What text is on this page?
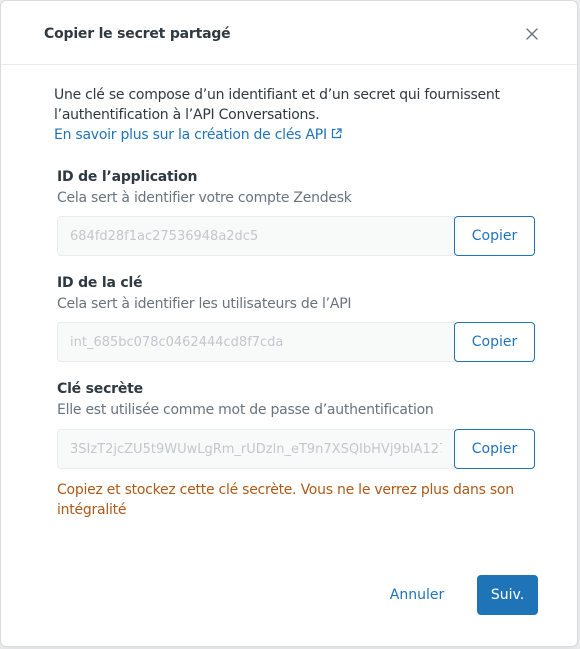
Copier le secret partagé
Une clé se compose d’un identifiant et d’un secret qui fournissent l’authentification à l’API Conversations.
En savoir plus sur la création de clés API
ID de l’application
Cela sert à identifier votre compte Zendesk
684fd28f1ac27536948a2dc5
Copier
ID de la clé
Cela sert à identifier les utilisateurs de l’API
int_685bc078c0462444cd8f7cda
Copier
Clé secrète
Elle est utilisée comme mot de passe d’authentification
3SIzT2jcZU5t9WUwLgRm_rUDzln_eT9n7XSQIbHVj9blA127z
Copier
Copiez et stockez cette clé secrète. Vous ne le verrez plus dans son intégralité
Annuler	Suiv.
